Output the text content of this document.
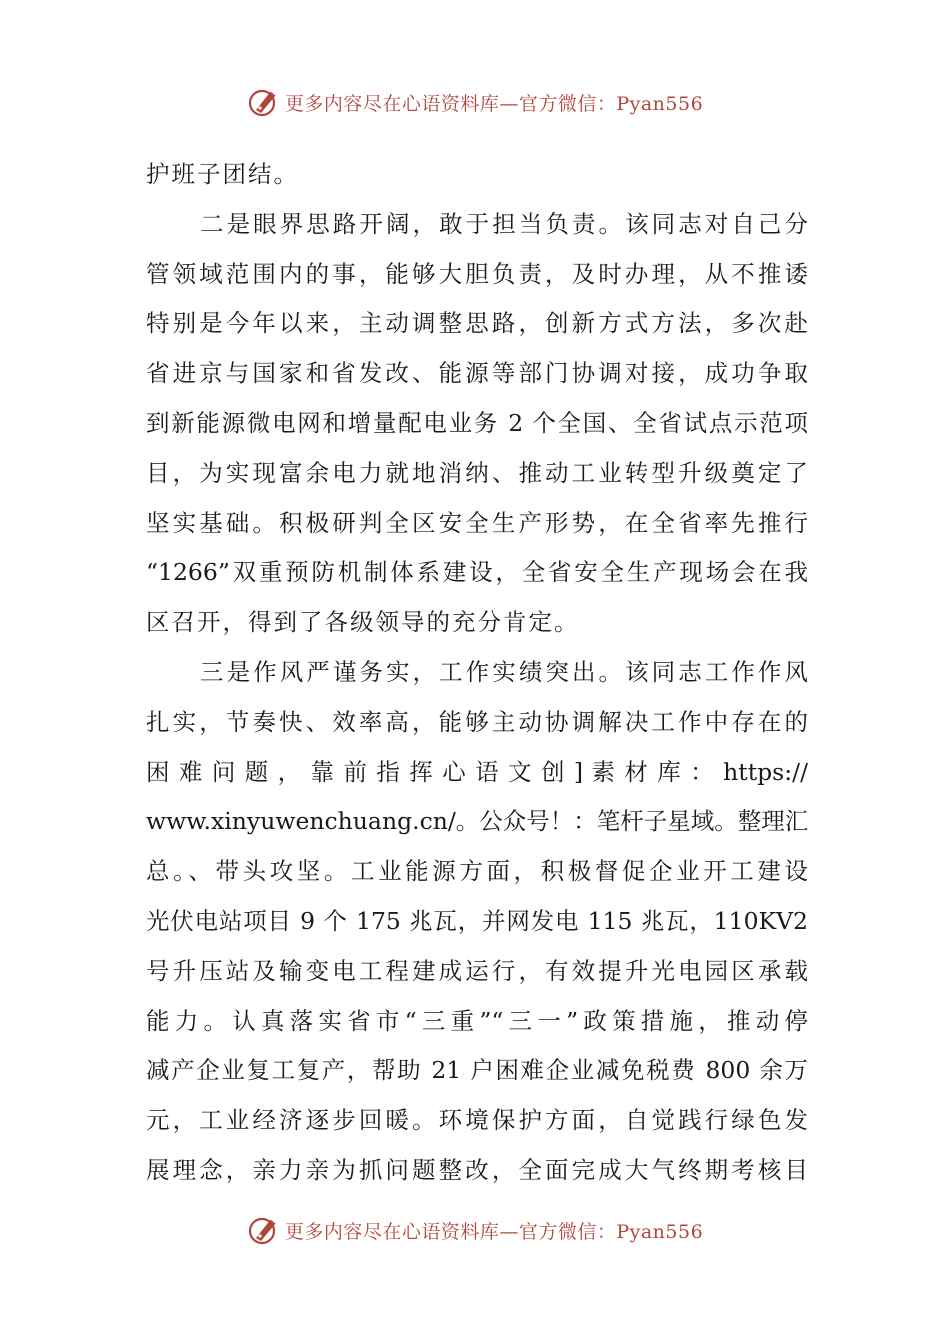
更多内容尽在心语资料库—官方微信：Pyan556
护班子团结。
二是眼界思路开阔，敢于担当负责。该同志对自己分
管领域范围内的事，能够大胆负责，及时办理，从不推诿
特别是今年以来，主动调整思路，创新方式方法，多次赴
省进京与国家和省发改、能源等部门协调对接，成功争取
到新能源微电网和增量配电业务 2 个全国、全省试点示范项
目，为实现富余电力就地消纳、推动工业转型升级奠定了
坚实基础。积极研判全区安全生产形势，在全省率先推行
“1266”双重预防机制体系建设，全省安全生产现场会在我
区召开，得到了各级领导的充分肯定。
三是作风严谨务实，工作实绩突出。该同志工作作风
扎实，节奏快、效率高，能够主动协调解决工作中存在的
困 难 问 题 ， 靠 前 指 挥 心 语 文 创 ] 素 材 库 ： https://
www.xinyuwenchuang.cn/。公众号！：笔杆子星域。整理汇
总。、带头攻坚。工业能源方面，积极督促企业开工建设
光伏电站项目 9 个 175 兆瓦，并网发电 115 兆瓦，110KV2
号升压站及输变电工程建成运行，有效提升光电园区承载
能力。认真落实省市“三重”“三一”政策措施，推动停
减产企业复工复产，帮助 21 户困难企业减免税费 800 余万
元，工业经济逐步回暖。环境保护方面，自觉践行绿色发
展理念，亲力亲为抓问题整改，全面完成大气终期考核目
更多内容尽在心语资料库—官方微信：Pyan556
